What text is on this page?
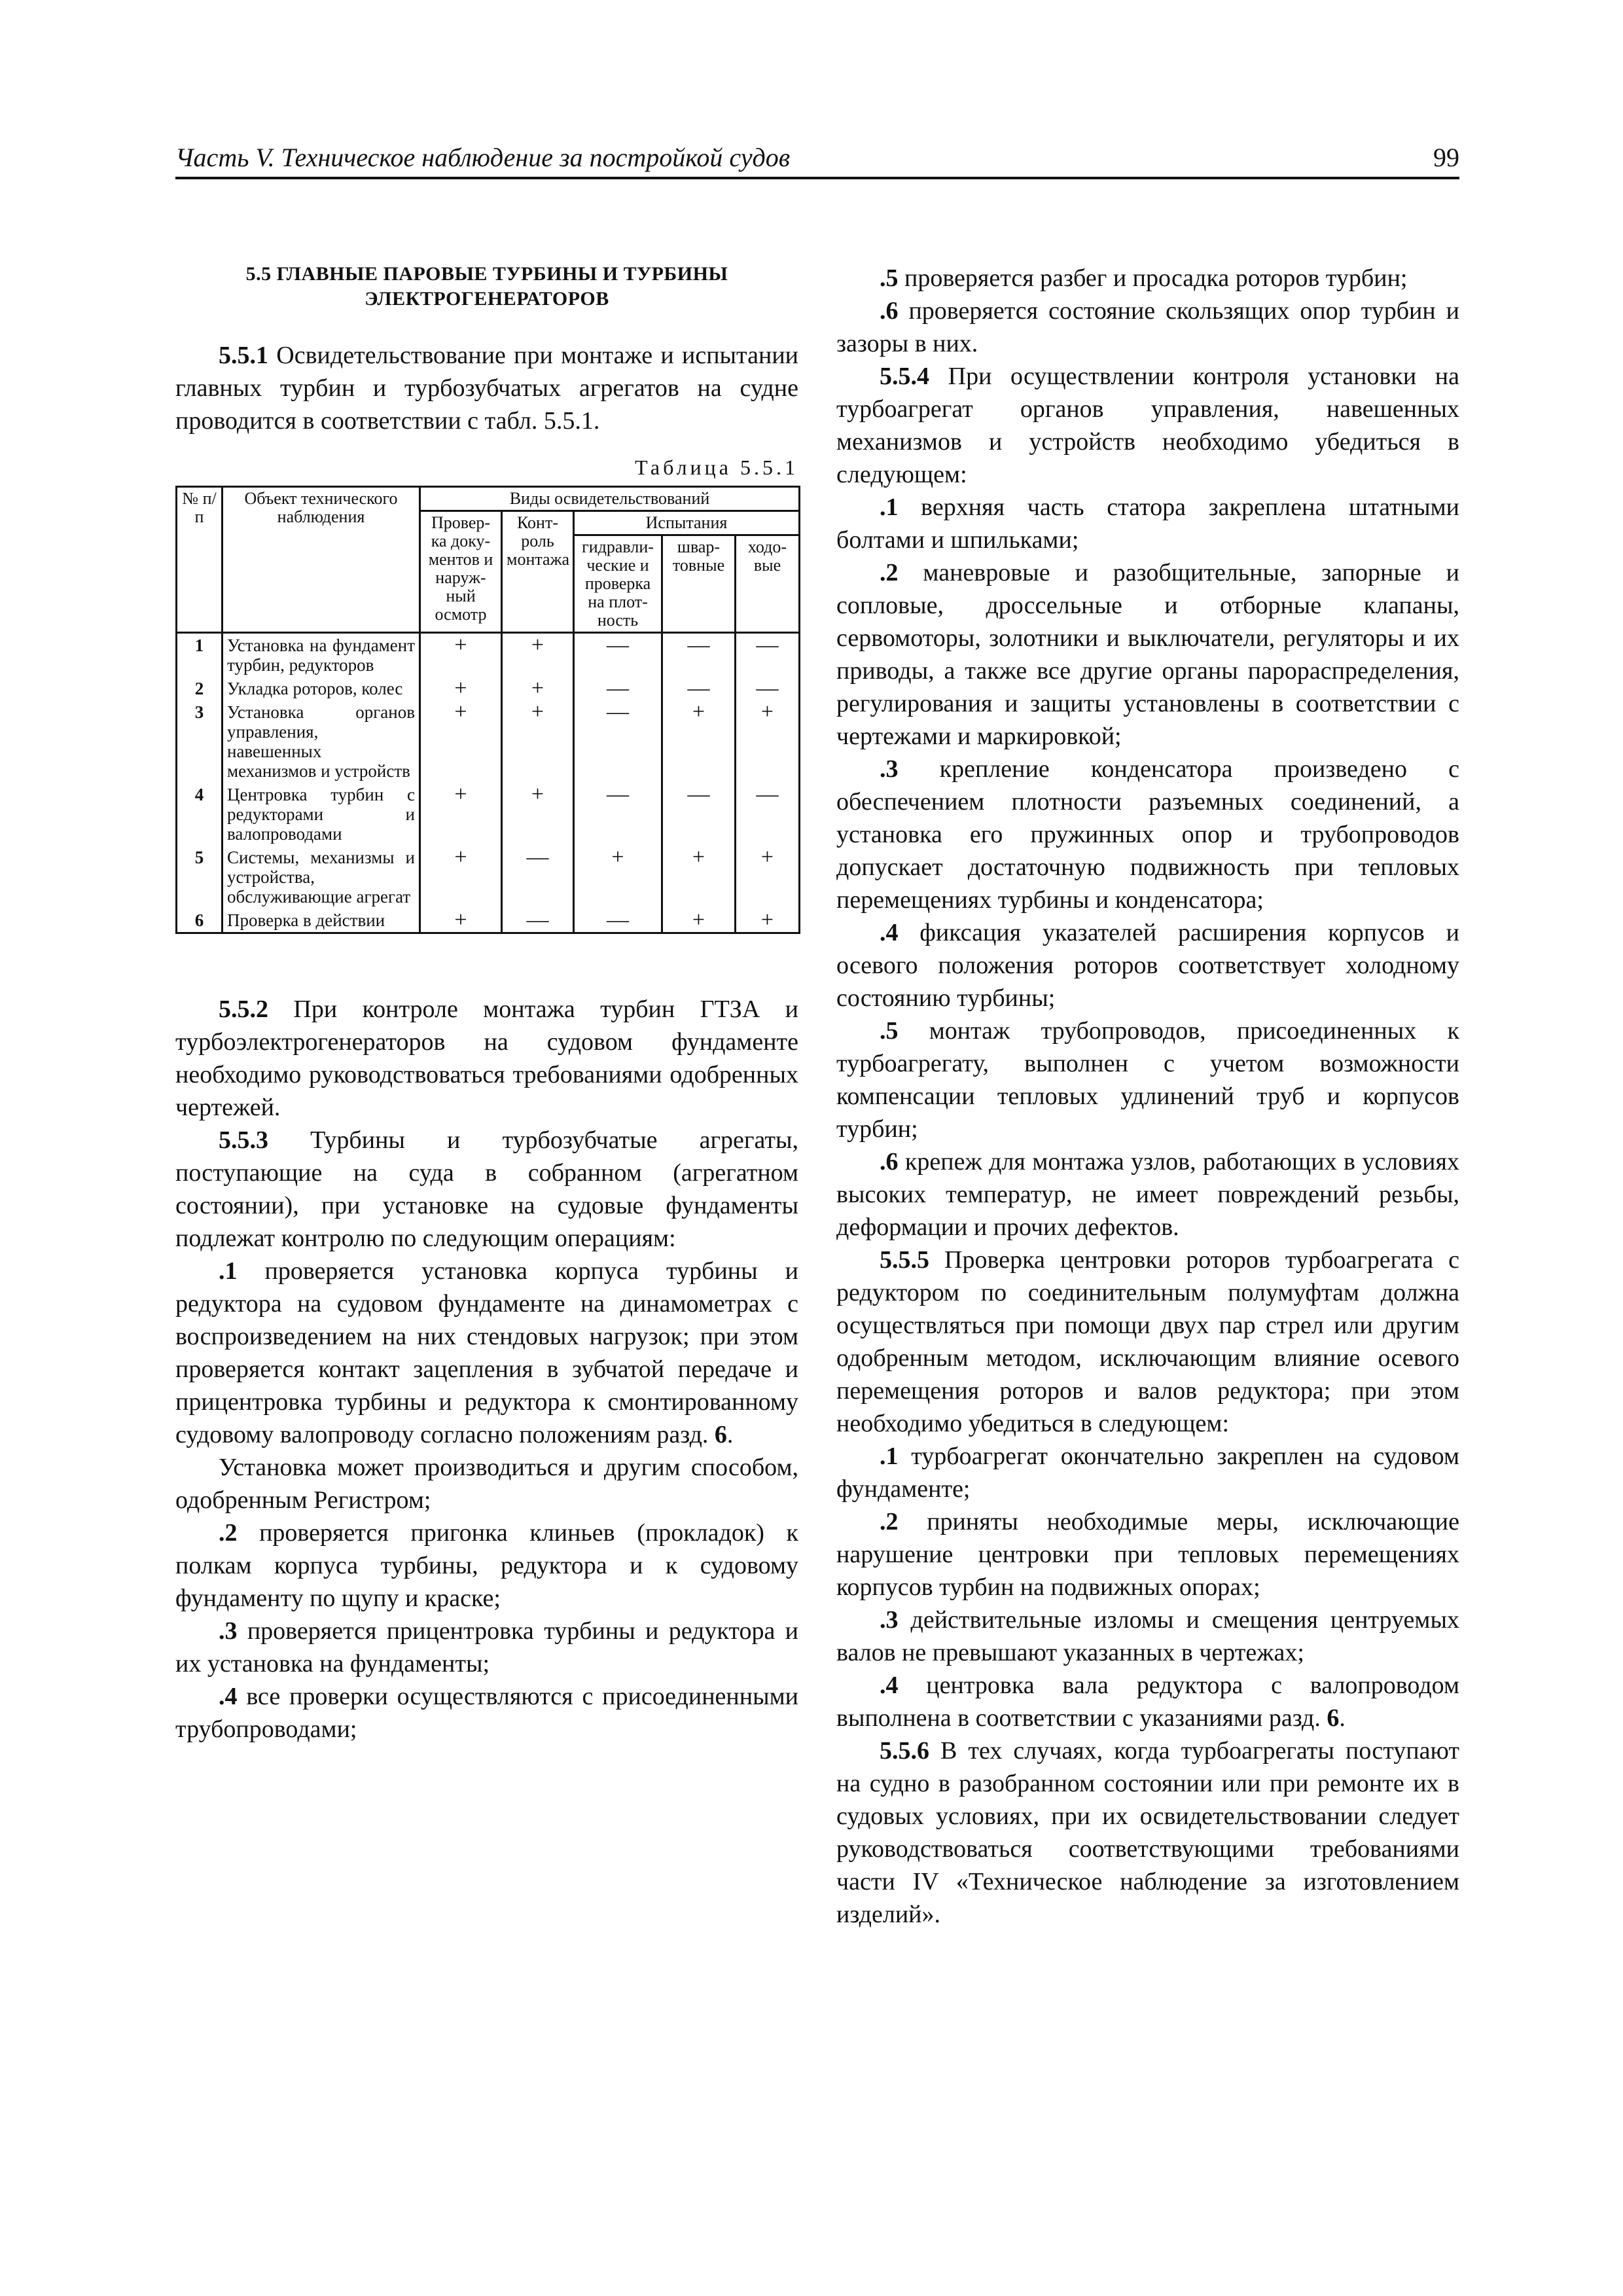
Часть V. Техническое наблюдение за постройкой судов	99
5.5 ГЛАВНЫЕ ПАРОВЫЕ ТУРБИНЫ И ТУРБИНЫ
ЭЛЕКТРОГЕНЕРАТОРОВ

5.5.1 Освидетельствование при монтаже и испытании главных турбин и турбозубчатых агрегатов на судне проводится в соответствии с табл. 5.5.1.

Таблица 5.5.1
№ п/п	Объект технического наблюдения	Виды освидетельствований				
		Провер-ка доку-ментов и наруж-ный осмотр	Конт-роль монтажа	Испытания		
				гидравли-ческие и проверка на плот-ность	швар-товные	ходо-вые
1	Установка на фундамент турбин, редукторов	+	+	—	—	—
2	Укладка роторов, колес	+	+	—	—	—
3	Установка органов управления, навешенных механизмов и устройств	+	+	—	+	+
4	Центровка турбин с редукторами и валопроводами	+	+	—	—	—
5	Системы, механизмы и устройства, обслуживающие агрегат	+	—	+	+	+
6	Проверка в действии	+	—	—	+	+

5.5.2 При контроле монтажа турбин ГТЗА и турбоэлектрогенераторов на судовом фундаменте необходимо руководствоваться требованиями одобренных чертежей.

5.5.3 Турбины и турбозубчатые агрегаты, поступающие на суда в собранном (агрегатном состоянии), при установке на судовые фундаменты подлежат контролю по следующим операциям:

.1 проверяется установка корпуса турбины и редуктора на судовом фундаменте на динамометрах с воспроизведением на них стендовых нагрузок; при этом проверяется контакт зацепления в зубчатой передаче и прицентровка турбины и редуктора к смонтированному судовому валопроводу согласно положениям разд. 6.

Установка может производиться и другим способом, одобренным Регистром;

.2 проверяется пригонка клиньев (прокладок) к полкам корпуса турбины, редуктора и к судовому фундаменту по щупу и краске;

.3 проверяется прицентровка турбины и редуктора и их установка на фундаменты;

.4 все проверки осуществляются с присоединенными трубопроводами;

.5 проверяется разбег и просадка роторов турбин;

.6 проверяется состояние скользящих опор турбин и зазоры в них.

5.5.4 При осуществлении контроля установки на турбоагрегат органов управления, навешенных механизмов и устройств необходимо убедиться в следующем:

.1 верхняя часть статора закреплена штатными болтами и шпильками;

.2 маневровые и разобщительные, запорные и сопловые, дроссельные и отборные клапаны, сервомоторы, золотники и выключатели, регуляторы и их приводы, а также все другие органы парораспределения, регулирования и защиты установлены в соответствии с чертежами и маркировкой;

.3 крепление конденсатора произведено с обеспечением плотности разъемных соединений, а установка его пружинных опор и трубопроводов допускает достаточную подвижность при тепловых перемещениях турбины и конденсатора;

.4 фиксация указателей расширения корпусов и осевого положения роторов соответствует холодному состоянию турбины;

.5 монтаж трубопроводов, присоединенных к турбоагрегату, выполнен с учетом возможности компенсации тепловых удлинений труб и корпусов турбин;

.6 крепеж для монтажа узлов, работающих в условиях высоких температур, не имеет повреждений резьбы, деформации и прочих дефектов.

5.5.5 Проверка центровки роторов турбоагрегата с редуктором по соединительным полумуфтам должна осуществляться при помощи двух пар стрел или другим одобренным методом, исключающим влияние осевого перемещения роторов и валов редуктора; при этом необходимо убедиться в следующем:

.1 турбоагрегат окончательно закреплен на судовом фундаменте;

.2 приняты необходимые меры, исключающие нарушение центровки при тепловых перемещениях корпусов турбин на подвижных опорах;

.3 действительные изломы и смещения центруемых валов не превышают указанных в чертежах;

.4 центровка вала редуктора с валопроводом выполнена в соответствии с указаниями разд. 6.

5.5.6 В тех случаях, когда турбоагрегаты поступают на судно в разобранном состоянии или при ремонте их в судовых условиях, при их освидетельствовании следует руководствоваться соответствующими требованиями части IV «Техническое наблюдение за изготовлением изделий».
